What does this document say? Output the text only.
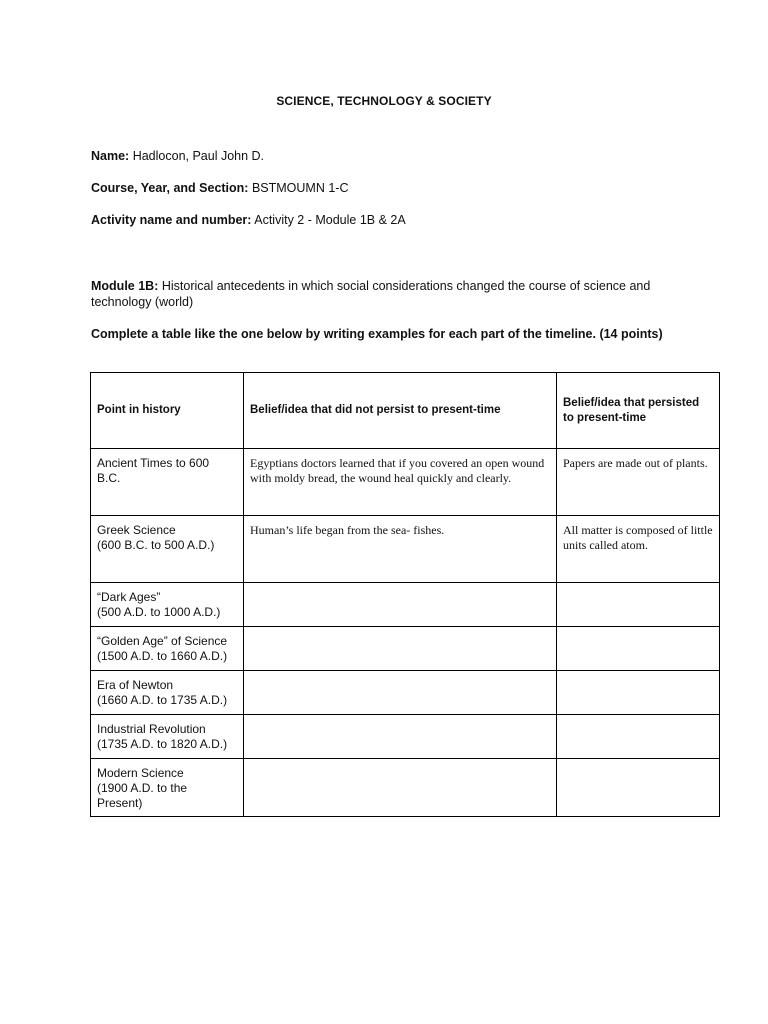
SCIENCE, TECHNOLOGY & SOCIETY
Name: Hadlocon, Paul John D.
Course, Year, and Section: BSTMOUMN 1-C
Activity name and number: Activity 2 - Module 1B & 2A
Module 1B: Historical antecedents in which social considerations changed the course of science and technology (world)
Complete a table like the one below by writing examples for each part of the timeline. (14 points)
Point in history	Belief/idea that did not persist to present-time	Belief/idea that persisted to present-time

Ancient Times to 600
B.C.	Egyptians doctors learned that if you covered an open wound with moldy bread, the wound heal quickly and clearly.	Papers are made out of plants.

Greek Science
(600 B.C. to 500 A.D.)	Human’s life began from the sea- fishes.	All matter is composed of little units called atom.

“Dark Ages”
(500 A.D. to 1000 A.D.)		

“Golden Age” of Science
(1500 A.D. to 1660 A.D.)		

Era of Newton
(1660 A.D. to 1735 A.D.)		

Industrial Revolution
(1735 A.D. to 1820 A.D.)		

Modern Science
(1900 A.D. to the
Present)		
